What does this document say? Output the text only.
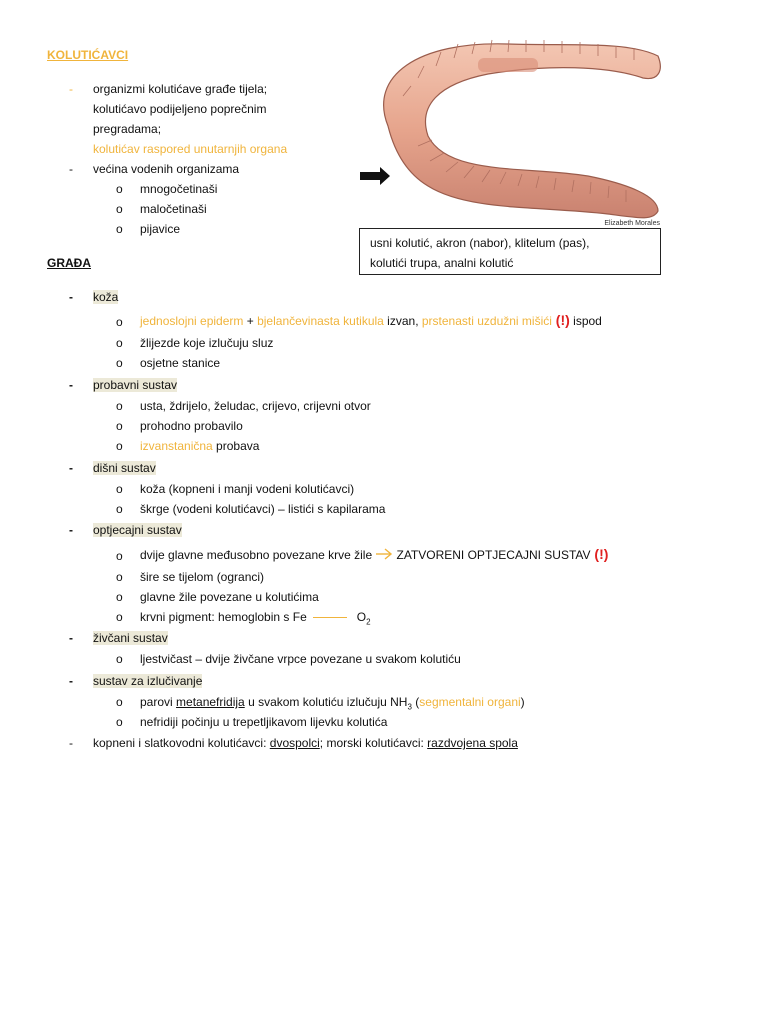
KOLUTIĆAVCI
- organizmi kolutićave građe tijela;
kolutićavo podijeljeno poprečnim
pregradama;
kolutićav raspored unutarnjih organa
- većina vodenih organizama
o mnogočetinaši
o maločetinaši
o pijavice	Elizabeth Morales
usni kolutić, akron (nabor), klitelum (pas),
kolutići trupa, analni kolutić
GRAĐA
- koža
o jednoslojni epiderm + bjelančevinasta kutikula izvan, prstenasti uzdužni mišići (!) ispod
o žlijezde koje izlučuju sluz
o osjetne stanice
- probavni sustav
o usta, ždrijelo, želudac, crijevo, crijevni otvor
o prohodno probavilo
o izvanstanična probava
- dišni sustav
o koža (kopneni i manji vodeni kolutićavci)
o škrge (vodeni kolutićavci) – listići s kapilarama
- optjecajni sustav
o dvije glavne međusobno povezane krve žile ZATVORENI OPTJECAJNI SUSTAV (!)
o šire se tijelom (ogranci)
o glavne žile povezane u kolutićima
o krvni pigment: hemoglobin s Fe	$O_2$
- živčani sustav
o ljestvičast – dvije živčane vrpce povezane u svakom kolutiću
- sustav za izlučivanje
o parovi metanefridija u svakom kolutiću izlučuju $NH_3$ (segmentalni organi)
o nefridiji počinju u trepetljikavom lijevku kolutića
- kopneni i slatkovodni kolutićavci: dvospolci; morski kolutićavci: razdvojena spola
